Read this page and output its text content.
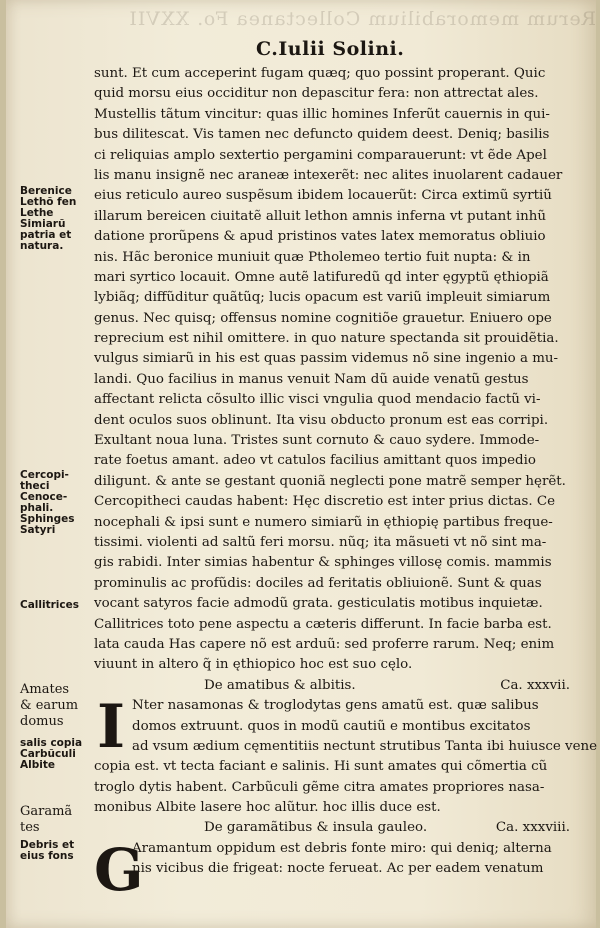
Rerum memorabilium Collectanea Fo. XXVII
C.Iulii Solini.
Berenice
Lethõ fen
Lethe
Simiarũ
patria et
natura.
Cercopi-
theci
Cenoce-
phali.
Sphinges
Satyri
Callitrices
Amates
& earum
domus
salis copia
Carbũculi
Albite
Garamã
tes
Debris et
eius fons
sunt. Et cum acceperint fugam quæq; quo possint properant. Quic
quid morsu eius occiditur non depascitur fera: non attrectat ales.
Mustellis tãtum vincitur: quas illic homines Inferũt cauernis in qui-
bus dilitescat. Vis tamen nec defuncto quidem deest. Deniq; basilis
ci reliquias amplo sextertio pergamini comparauerunt: vt ẽde Apel
lis manu insignẽ nec araneæ intexerẽt: nec alites inuolarent cadauer
eius reticulo aureo suspẽsum ibidem locauerũt: Circa extimũ syrtiũ
illarum bereicen ciuitatẽ alluit lethon amnis inferna vt putant inhũ
datione prorũpens & apud pristinos vates latex memoratus obliuio
nis. Hãc beronice muniuit quæ Ptholemeo tertio fuit nupta: & in
mari syrtico locauit. Omne autẽ latifuredũ qd inter ęgyptũ ęthiopiã
lybiãq; diffũditur quãtũq; lucis opacum est variũ impleuit simiarum
genus. Nec quisq; offensus nomine cognitiõe grauetur. Eniuero ope
reprecium est nihil omittere. in quo nature spectanda sit prouidẽtia.
vulgus simiarũ in his est quas passim videmus nõ sine ingenio a mu-
landi. Quo facilius in manus venuit Nam dũ auide venatũ gestus
affectant relicta cõsulto illic visci vngulia quod mendacio factũ vi-
dent oculos suos oblinunt. Ita visu obducto pronum est eas corripi.
Exultant noua luna. Tristes sunt cornuto & cauo sydere. Immode-
rate foetus amant. adeo vt catulos facilius amittant quos impedio
diligunt. & ante se gestant quoniã neglecti pone matrẽ semper hęrẽt.
Cercopitheci caudas habent: Hęc discretio est inter prius dictas. Ce
nocephali & ipsi sunt e numero simiarũ in ęthiopię partibus freque-
tissimi. violenti ad saltũ feri morsu. nũq; ita mãsueti vt nõ sint ma-
gis rabidi. Inter simias habentur & sphinges villosę comis. mammis
prominulis ac profũdis: dociles ad feritatis obliuionẽ. Sunt & quas
vocant satyros facie admodũ grata. gesticulatis motibus inquietæ.
Callitrices toto pene aspectu a cæteris differunt. In facie barba est.
lata cauda Has capere nõ est arduũ: sed proferre rarum. Neq; enim
viuunt in altero q̃ in ęthiopico hoc est suo cęlo.
De amatibus & albitis.	Ca. xxxvii.
I Nter nasamonas & troglodytas gens amatũ est. quæ salibus
domos extruunt. quos in modũ cautiũ e montibus excitatos
ad vsum ædium cęmentitiis nectunt strutibus Tanta ibi huiusce vene
copia est. vt tecta faciant e salinis. Hi sunt amates qui cõmertia cũ
troglo dytis habent. Carbũculi gẽme citra amates propriores nasa-
monibus Albite lasere hoc alũtur. hoc illis duce est.
De garamãtibus & insula gauleo.	Ca. xxxviii.
G
Aramantum oppidum est debris fonte miro: qui deniq; alterna
nis vicibus die frigeat: nocte ferueat. Ac per eadem venatum
